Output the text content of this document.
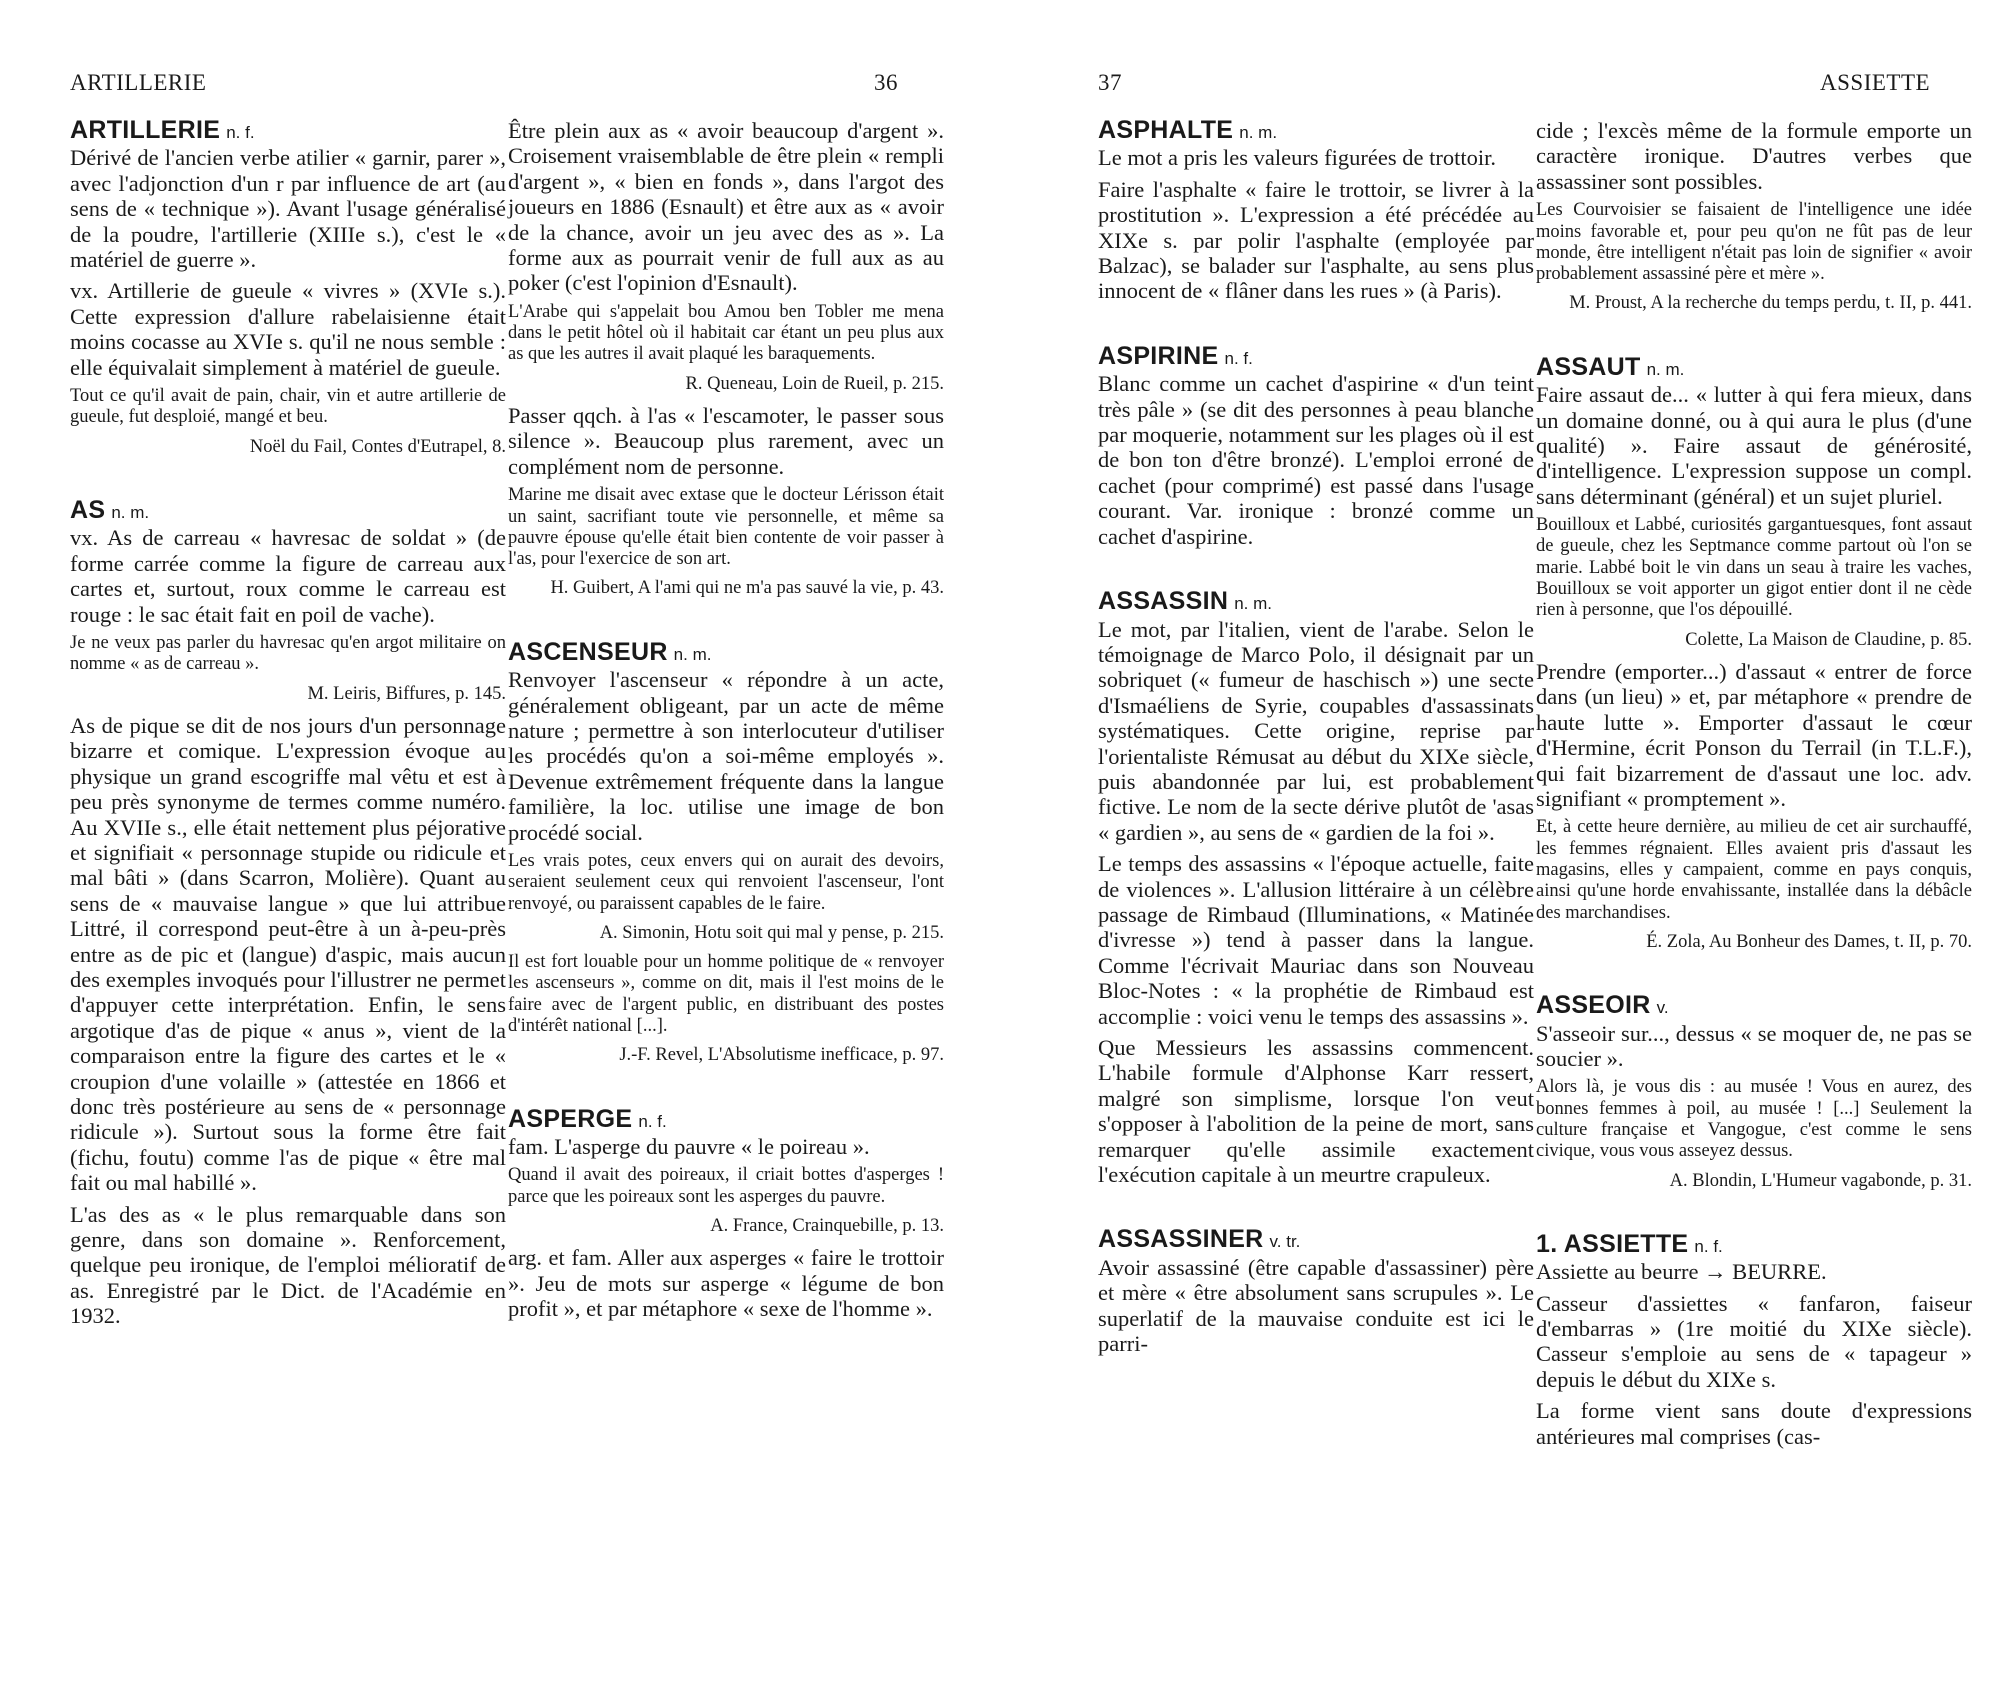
ARTILLERIE	36
ARTILLERIE n. f.

Dérivé de l'ancien verbe atilier « garnir, parer », avec l'adjonction d'un r par influence de art (au sens de « technique »). Avant l'usage généralisé de la poudre, l'artillerie (XIIIe s.), c'est le « matériel de guerre ».

vx. Artillerie de gueule « vivres » (XVIe s.). Cette expression d'allure rabelaisienne était moins cocasse au XVIe s. qu'il ne nous semble : elle équivalait simplement à matériel de gueule.

Tout ce qu'il avait de pain, chair, vin et autre artillerie de gueule, fut desploié, mangé et beu.
Noël du Fail, Contes d'Eutrapel, 8.
AS n. m.

vx. As de carreau « havresac de soldat » (de forme carrée comme la figure de carreau aux cartes et, surtout, roux comme le carreau est rouge : le sac était fait en poil de vache).

Je ne veux pas parler du havresac qu'en argot militaire on nomme « as de carreau ».
M. Leiris, Biffures, p. 145.

As de pique se dit de nos jours d'un personnage bizarre et comique. L'expression évoque au physique un grand escogriffe mal vêtu et est à peu près synonyme de termes comme numéro. Au XVIIe s., elle était nettement plus péjorative et signifiait « personnage stupide ou ridicule et mal bâti » (dans Scarron, Molière). Quant au sens de « mauvaise langue » que lui attribue Littré, il correspond peut-être à un à-peu-près entre as de pic et (langue) d'aspic, mais aucun des exemples invoqués pour l'illustrer ne permet d'appuyer cette interprétation. Enfin, le sens argotique d'as de pique « anus », vient de la comparaison entre la figure des cartes et le « croupion d'une volaille » (attestée en 1866 et donc très postérieure au sens de « personnage ridicule »). Surtout sous la forme être fait (fichu, foutu) comme l'as de pique « être mal fait ou mal habillé ».

L'as des as « le plus remarquable dans son genre, dans son domaine ». Renforcement, quelque peu ironique, de l'emploi mélioratif de as. Enregistré par le Dict. de l'Académie en 1932.

Être plein aux as « avoir beaucoup d'argent ». Croisement vraisemblable de être plein « rempli d'argent », « bien en fonds », dans l'argot des joueurs en 1886 (Esnault) et être aux as « avoir de la chance, avoir un jeu avec des as ». La forme aux as pourrait venir de full aux as au poker (c'est l'opinion d'Esnault).

L'Arabe qui s'appelait bou Amou ben Tobler me mena dans le petit hôtel où il habitait car étant un peu plus aux as que les autres il avait plaqué les baraquements.
R. Queneau, Loin de Rueil, p. 215.

Passer qqch. à l'as « l'escamoter, le passer sous silence ». Beaucoup plus rarement, avec un complément nom de personne.

Marine me disait avec extase que le docteur Lérisson était un saint, sacrifiant toute vie personnelle, et même sa pauvre épouse qu'elle était bien contente de voir passer à l'as, pour l'exercice de son art.
H. Guibert, A l'ami qui ne m'a pas sauvé la vie, p. 43.
ASCENSEUR n. m.

Renvoyer l'ascenseur « répondre à un acte, généralement obligeant, par un acte de même nature ; permettre à son interlocuteur d'utiliser les procédés qu'on a soi-même employés ». Devenue extrêmement fréquente dans la langue familière, la loc. utilise une image de bon procédé social.

Les vrais potes, ceux envers qui on aurait des devoirs, seraient seulement ceux qui renvoient l'ascenseur, l'ont renvoyé, ou paraissent capables de le faire.
A. Simonin, Hotu soit qui mal y pense, p. 215.
Il est fort louable pour un homme politique de « renvoyer les ascenseurs », comme on dit, mais il l'est moins de le faire avec de l'argent public, en distribuant des postes d'intérêt national [...].
J.-F. Revel, L'Absolutisme inefficace, p. 97.
ASPERGE n. f.

fam. L'asperge du pauvre « le poireau ».

Quand il avait des poireaux, il criait bottes d'asperges ! parce que les poireaux sont les asperges du pauvre.
A. France, Crainquebille, p. 13.

arg. et fam. Aller aux asperges « faire le trottoir ». Jeu de mots sur asperge « légume de bon profit », et par métaphore « sexe de l'homme ».

37	ASSIETTE
ASPHALTE n. m.

Le mot a pris les valeurs figurées de trottoir.

Faire l'asphalte « faire le trottoir, se livrer à la prostitution ». L'expression a été précédée au XIXe s. par polir l'asphalte (employée par Balzac), se balader sur l'asphalte, au sens plus innocent de « flâner dans les rues » (à Paris).

ASPIRINE n. f.

Blanc comme un cachet d'aspirine « d'un teint très pâle » (se dit des personnes à peau blanche par moquerie, notamment sur les plages où il est de bon ton d'être bronzé). L'emploi erroné de cachet (pour comprimé) est passé dans l'usage courant. Var. ironique : bronzé comme un cachet d'aspirine.

ASSASSIN n. m.

Le mot, par l'italien, vient de l'arabe. Selon le témoignage de Marco Polo, il désignait par un sobriquet (« fumeur de haschisch ») une secte d'Ismaéliens de Syrie, coupables d'assassinats systématiques. Cette origine, reprise par l'orientaliste Rémusat au début du XIXe siècle, puis abandonnée par lui, est probablement fictive. Le nom de la secte dérive plutôt de 'asas « gardien », au sens de « gardien de la foi ».

Le temps des assassins « l'époque actuelle, faite de violences ». L'allusion littéraire à un célèbre passage de Rimbaud (Illuminations, « Matinée d'ivresse ») tend à passer dans la langue. Comme l'écrivait Mauriac dans son Nouveau Bloc-Notes : « la prophétie de Rimbaud est accomplie : voici venu le temps des assassins ».

Que Messieurs les assassins commencent. L'habile formule d'Alphonse Karr ressert, malgré son simplisme, lorsque l'on veut s'opposer à l'abolition de la peine de mort, sans remarquer qu'elle assimile exactement l'exécution capitale à un meurtre crapuleux.

ASSASSINER v. tr.

Avoir assassiné (être capable d'assassiner) père et mère « être absolument sans scrupules ». Le superlatif de la mauvaise conduite est ici le parri-

cide ; l'excès même de la formule emporte un caractère ironique. D'autres verbes que assassiner sont possibles.

Les Courvoisier se faisaient de l'intelligence une idée moins favorable et, pour peu qu'on ne fût pas de leur monde, être intelligent n'était pas loin de signifier « avoir probablement assassiné père et mère ».
M. Proust, A la recherche du temps perdu, t. II, p. 441.
ASSAUT n. m.

Faire assaut de... « lutter à qui fera mieux, dans un domaine donné, ou à qui aura le plus (d'une qualité) ». Faire assaut de générosité, d'intelligence. L'expression suppose un compl. sans déterminant (général) et un sujet pluriel.

Bouilloux et Labbé, curiosités gargantuesques, font assaut de gueule, chez les Septmance comme partout où l'on se marie. Labbé boit le vin dans un seau à traire les vaches, Bouilloux se voit apporter un gigot entier dont il ne cède rien à personne, que l'os dépouillé.
Colette, La Maison de Claudine, p. 85.

Prendre (emporter...) d'assaut « entrer de force dans (un lieu) » et, par métaphore « prendre de haute lutte ». Emporter d'assaut le cœur d'Hermine, écrit Ponson du Terrail (in T.L.F.), qui fait bizarrement de d'assaut une loc. adv. signifiant « promptement ».

Et, à cette heure dernière, au milieu de cet air surchauffé, les femmes régnaient. Elles avaient pris d'assaut les magasins, elles y campaient, comme en pays conquis, ainsi qu'une horde envahissante, installée dans la débâcle des marchandises.
É. Zola, Au Bonheur des Dames, t. II, p. 70.
ASSEOIR v.

S'asseoir sur..., dessus « se moquer de, ne pas se soucier ».

Alors là, je vous dis : au musée ! Vous en aurez, des bonnes femmes à poil, au musée ! [...] Seulement la culture française et Vangogue, c'est comme le sens civique, vous vous asseyez dessus.
A. Blondin, L'Humeur vagabonde, p. 31.
1. ASSIETTE n. f.

Assiette au beurre → BEURRE.

Casseur d'assiettes « fanfaron, faiseur d'embarras » (1re moitié du XIXe siècle). Casseur s'emploie au sens de « tapageur » depuis le début du XIXe s.

La forme vient sans doute d'expressions antérieures mal comprises (cas-
